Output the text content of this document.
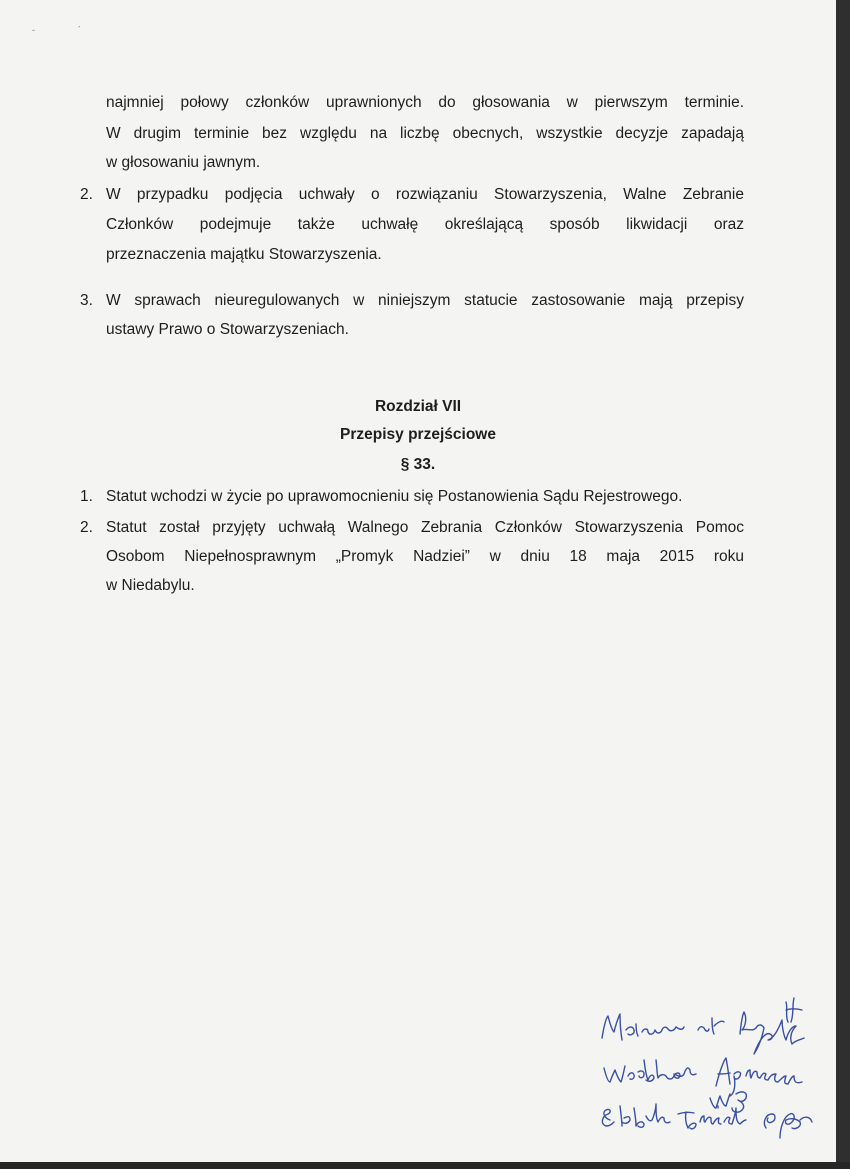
-	´
najmniej połowy członków uprawnionych do głosowania w pierwszym terminie.
W drugim terminie bez względu na liczbę obecnych, wszystkie decyzje zapadają
w głosowaniu jawnym.
2. W przypadku podjęcia uchwały o rozwiązaniu Stowarzyszenia, Walne Zebranie
Członków podejmuje także uchwałę określającą sposób likwidacji oraz
przeznaczenia majątku Stowarzyszenia.
3. W sprawach nieuregulowanych w niniejszym statucie zastosowanie mają przepisy
ustawy Prawo o Stowarzyszeniach.
Rozdział VII
Przepisy przejściowe
§ 33.
1. Statut wchodzi w życie po uprawomocnieniu się Postanowienia Sądu Rejestrowego.
2. Statut został przyjęty uchwałą Walnego Zebrania Członków Stowarzyszenia Pomoc
Osobom Niepełnosprawnym „Promyk Nadziei” w dniu 18 maja 2015 roku
w Niedabylu.
